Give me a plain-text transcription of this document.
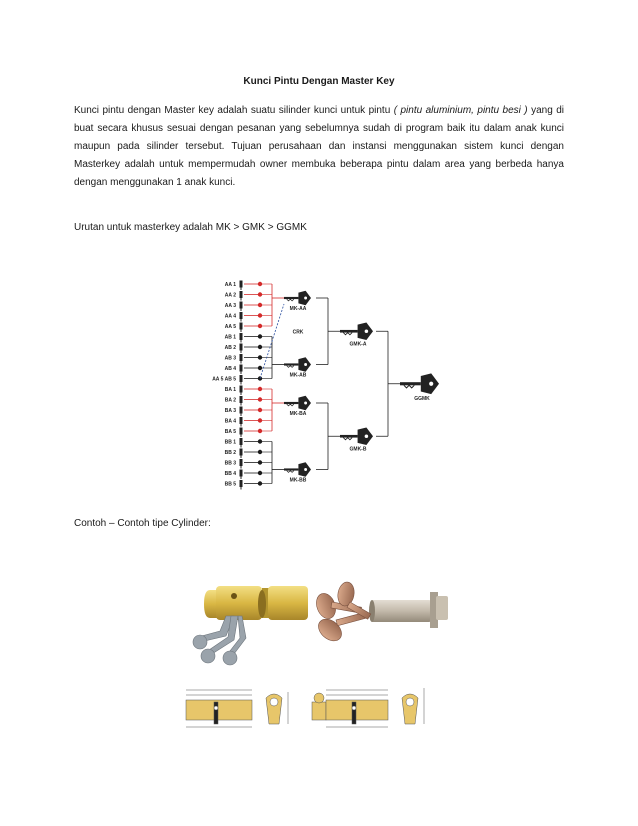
Kunci Pintu Dengan Master Key

Kunci pintu dengan Master key adalah suatu silinder kunci untuk pintu ( pintu aluminium, pintu besi ) yang di buat secara khusus sesuai dengan pesanan yang sebelumnya sudah di program baik itu dalam anak kunci maupun pada silinder tersebut. Tujuan perusahaan dan instansi menggunakan sistem kunci dengan Masterkey adalah untuk mempermudah owner membuka beberapa pintu dalam area yang berbeda hanya dengan menggunakan 1 anak kunci.

Urutan untuk masterkey adalah MK > GMK > GGMK
AA 1
AA 2
AA 3
AA 4
AA 5
AB 1
AB 2
AB 3
AB 4
AA 5 AB 5
BA 1
BA 2
BA 3
BA 4
BA 5
BB 1
BB 2
BB 3
BB 4
BB 5
MK-AA
MK-AB
MK-BA
MK-BB
CRK
GMK-A
GMK-B
GGMK
Contoh – Contoh tipe Cylinder:
